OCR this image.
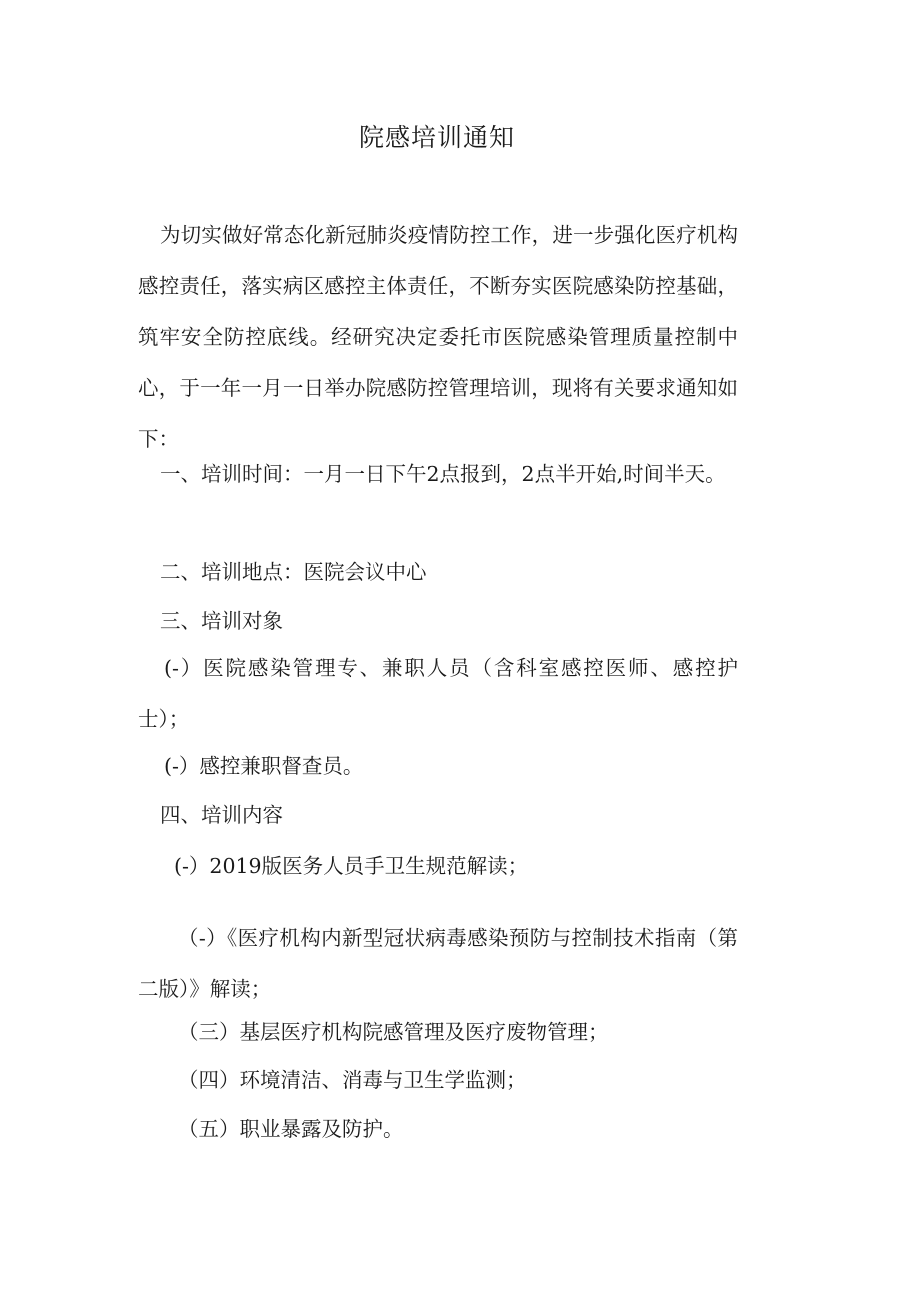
院感培训通知

为切实做好常态化新冠肺炎疫情防控工作，进一步强化医疗机构感控责任，落实病区感控主体责任，不断夯实医院感染防控基础，筑牢安全防控底线。经研究决定委托市医院感染管理质量控制中心，于一年一月一日举办院感防控管理培训，现将有关要求通知如下：

一、培训时间：一月一日下午2点报到，2点半开始,时间半天。

二、培训地点：医院会议中心

三、培训对象

(-）医院感染管理专、兼职人员（含科室感控医师、感控护士）；

(-）感控兼职督查员。

四、培训内容

(-）2019版医务人员手卫生规范解读；

（-）《医疗机构内新型冠状病毒感染预防与控制技术指南（第二版）》解读；

（三）基层医疗机构院感管理及医疗废物管理；

（四）环境清洁、消毒与卫生学监测；

（五）职业暴露及防护。
